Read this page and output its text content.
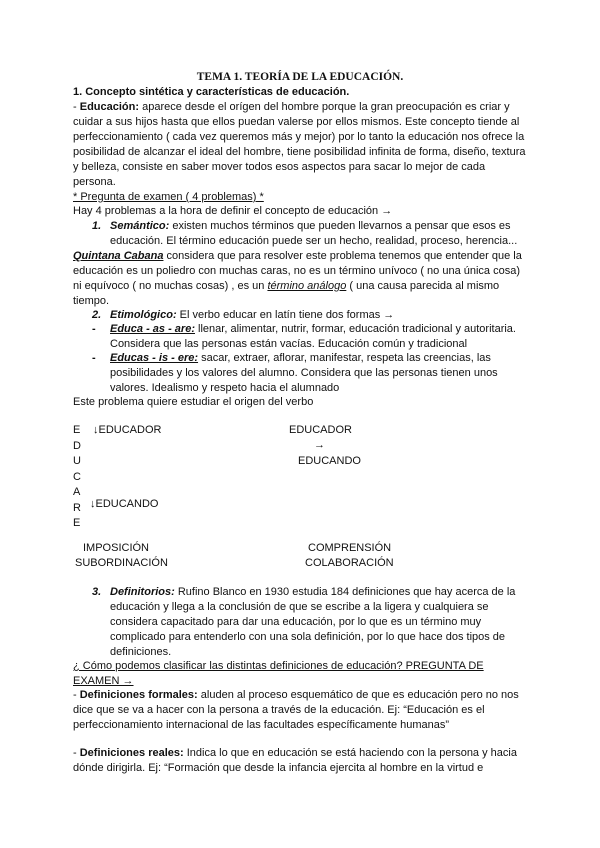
TEMA 1. TEORÍA DE LA EDUCACIÓN.
1. Concepto sintética y características de educación.
- Educación: aparece desde el orígen del hombre porque la gran preocupación es criar y cuidar a sus hijos hasta que ellos puedan valerse por ellos mismos. Este concepto tiende al perfeccionamiento ( cada vez queremos más y mejor) por lo tanto la educación nos ofrece la posibilidad de alcanzar el ideal del hombre, tiene posibilidad infinita de forma, diseño, textura y belleza, consiste en saber mover todos esos aspectos para sacar lo mejor de cada persona.
* Pregunta de examen ( 4 problemas) *
Hay 4 problemas a la hora de definir el concepto de educación →
1. Semántico: existen muchos términos que pueden llevarnos a pensar que esos es educación. El término educación puede ser un hecho, realidad, proceso, herencia...
Quintana Cabana considera que para resolver este problema tenemos que entender que la educación es un poliedro con muchas caras, no es un término unívoco ( no una única cosa) ni equívoco ( no muchas cosas) , es un término análogo ( una causa parecida al mismo tiempo.
2. Etimológico: El verbo educar en latín tiene dos formas →
- Educa - as - are: llenar, alimentar, nutrir, formar, educación tradicional y autoritaria. Considera que las personas están vacías. Educación común y tradicional
- Educas - is - ere: sacar, extraer, aflorar, manifestar, respeta las creencias, las posibilidades y los valores del alumno. Considera que las personas tienen unos valores. Idealismo y respeto hacia el alumnado
Este problema quiere estudiar el origen del verbo
E
D
U
C
A
R
E
↓EDUCADOR
↓EDUCANDO
EDUCADOR
→
EDUCANDO
IMPOSICIÓN
SUBORDINACIÓN
COMPRENSIÓN
COLABORACIÓN
3. Definitorios: Rufino Blanco en 1930 estudia 184 definiciones que hay acerca de la educación y llega a la conclusión de que se escribe a la ligera y cualquiera se considera capacitado para dar una educación, por lo que es un término muy complicado para entenderlo con una sola definición, por lo que hace dos tipos de definiciones.
¿ Cómo podemos clasificar las distintas definiciones de educación? PREGUNTA DE EXAMEN →
- Definiciones formales: aluden al proceso esquemático de que es educación pero no nos dice que se va a hacer con la persona a través de la educación. Ej: “Educación es el perfeccionamiento internacional de las facultades específicamente humanas”
- Definiciones reales: Indica lo que en educación se está haciendo con la persona y hacia dónde dirigirla. Ej: “Formación que desde la infancia ejercita al hombre en la virtud e
